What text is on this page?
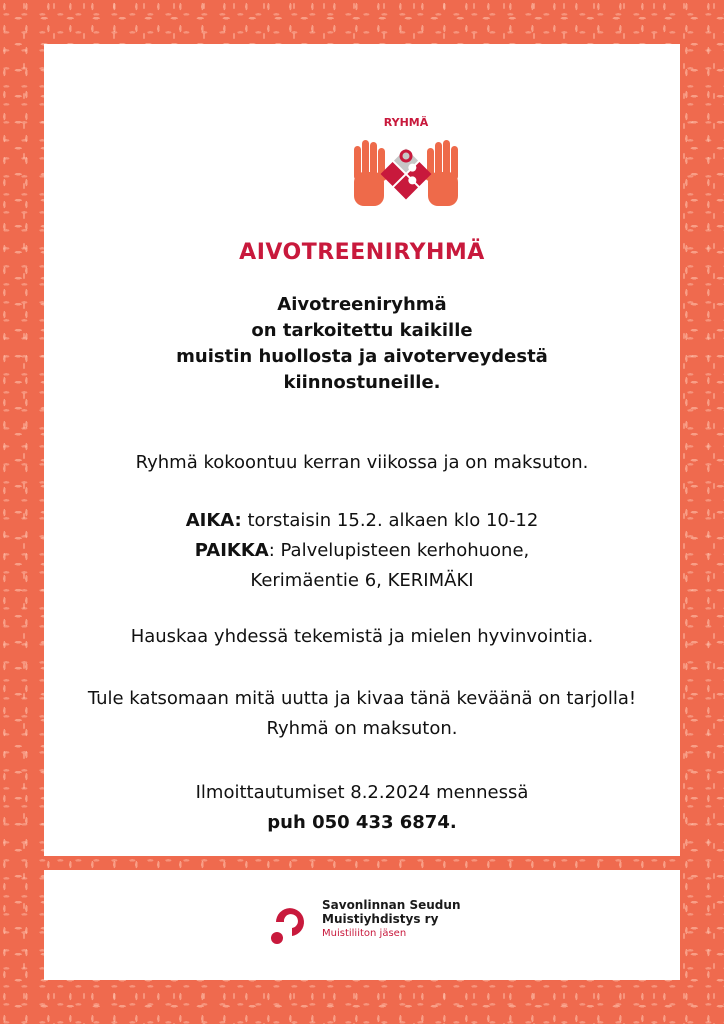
RYHMÄ
AIVOTREENIRYHMÄ
Aivotreeniryhmä
on tarkoitettu kaikille
muistin huollosta ja aivoterveydestä
kiinnostuneille.
Ryhmä kokoontuu kerran viikossa ja on maksuton.
AIKA: torstaisin 15.2. alkaen klo 10-12
PAIKKA: Palvelupisteen kerhohuone,
Kerimäentie 6, KERIMÄKI
Hauskaa yhdessä tekemistä ja mielen hyvinvointia.
Tule katsomaan mitä uutta ja kivaa tänä keväänä on tarjolla!
Ryhmä on maksuton.
Ilmoittautumiset 8.2.2024 mennessä
puh 050 433 6874.
Savonlinnan Seudun
Muistiyhdistys ry
Muistiliiton jäsen
